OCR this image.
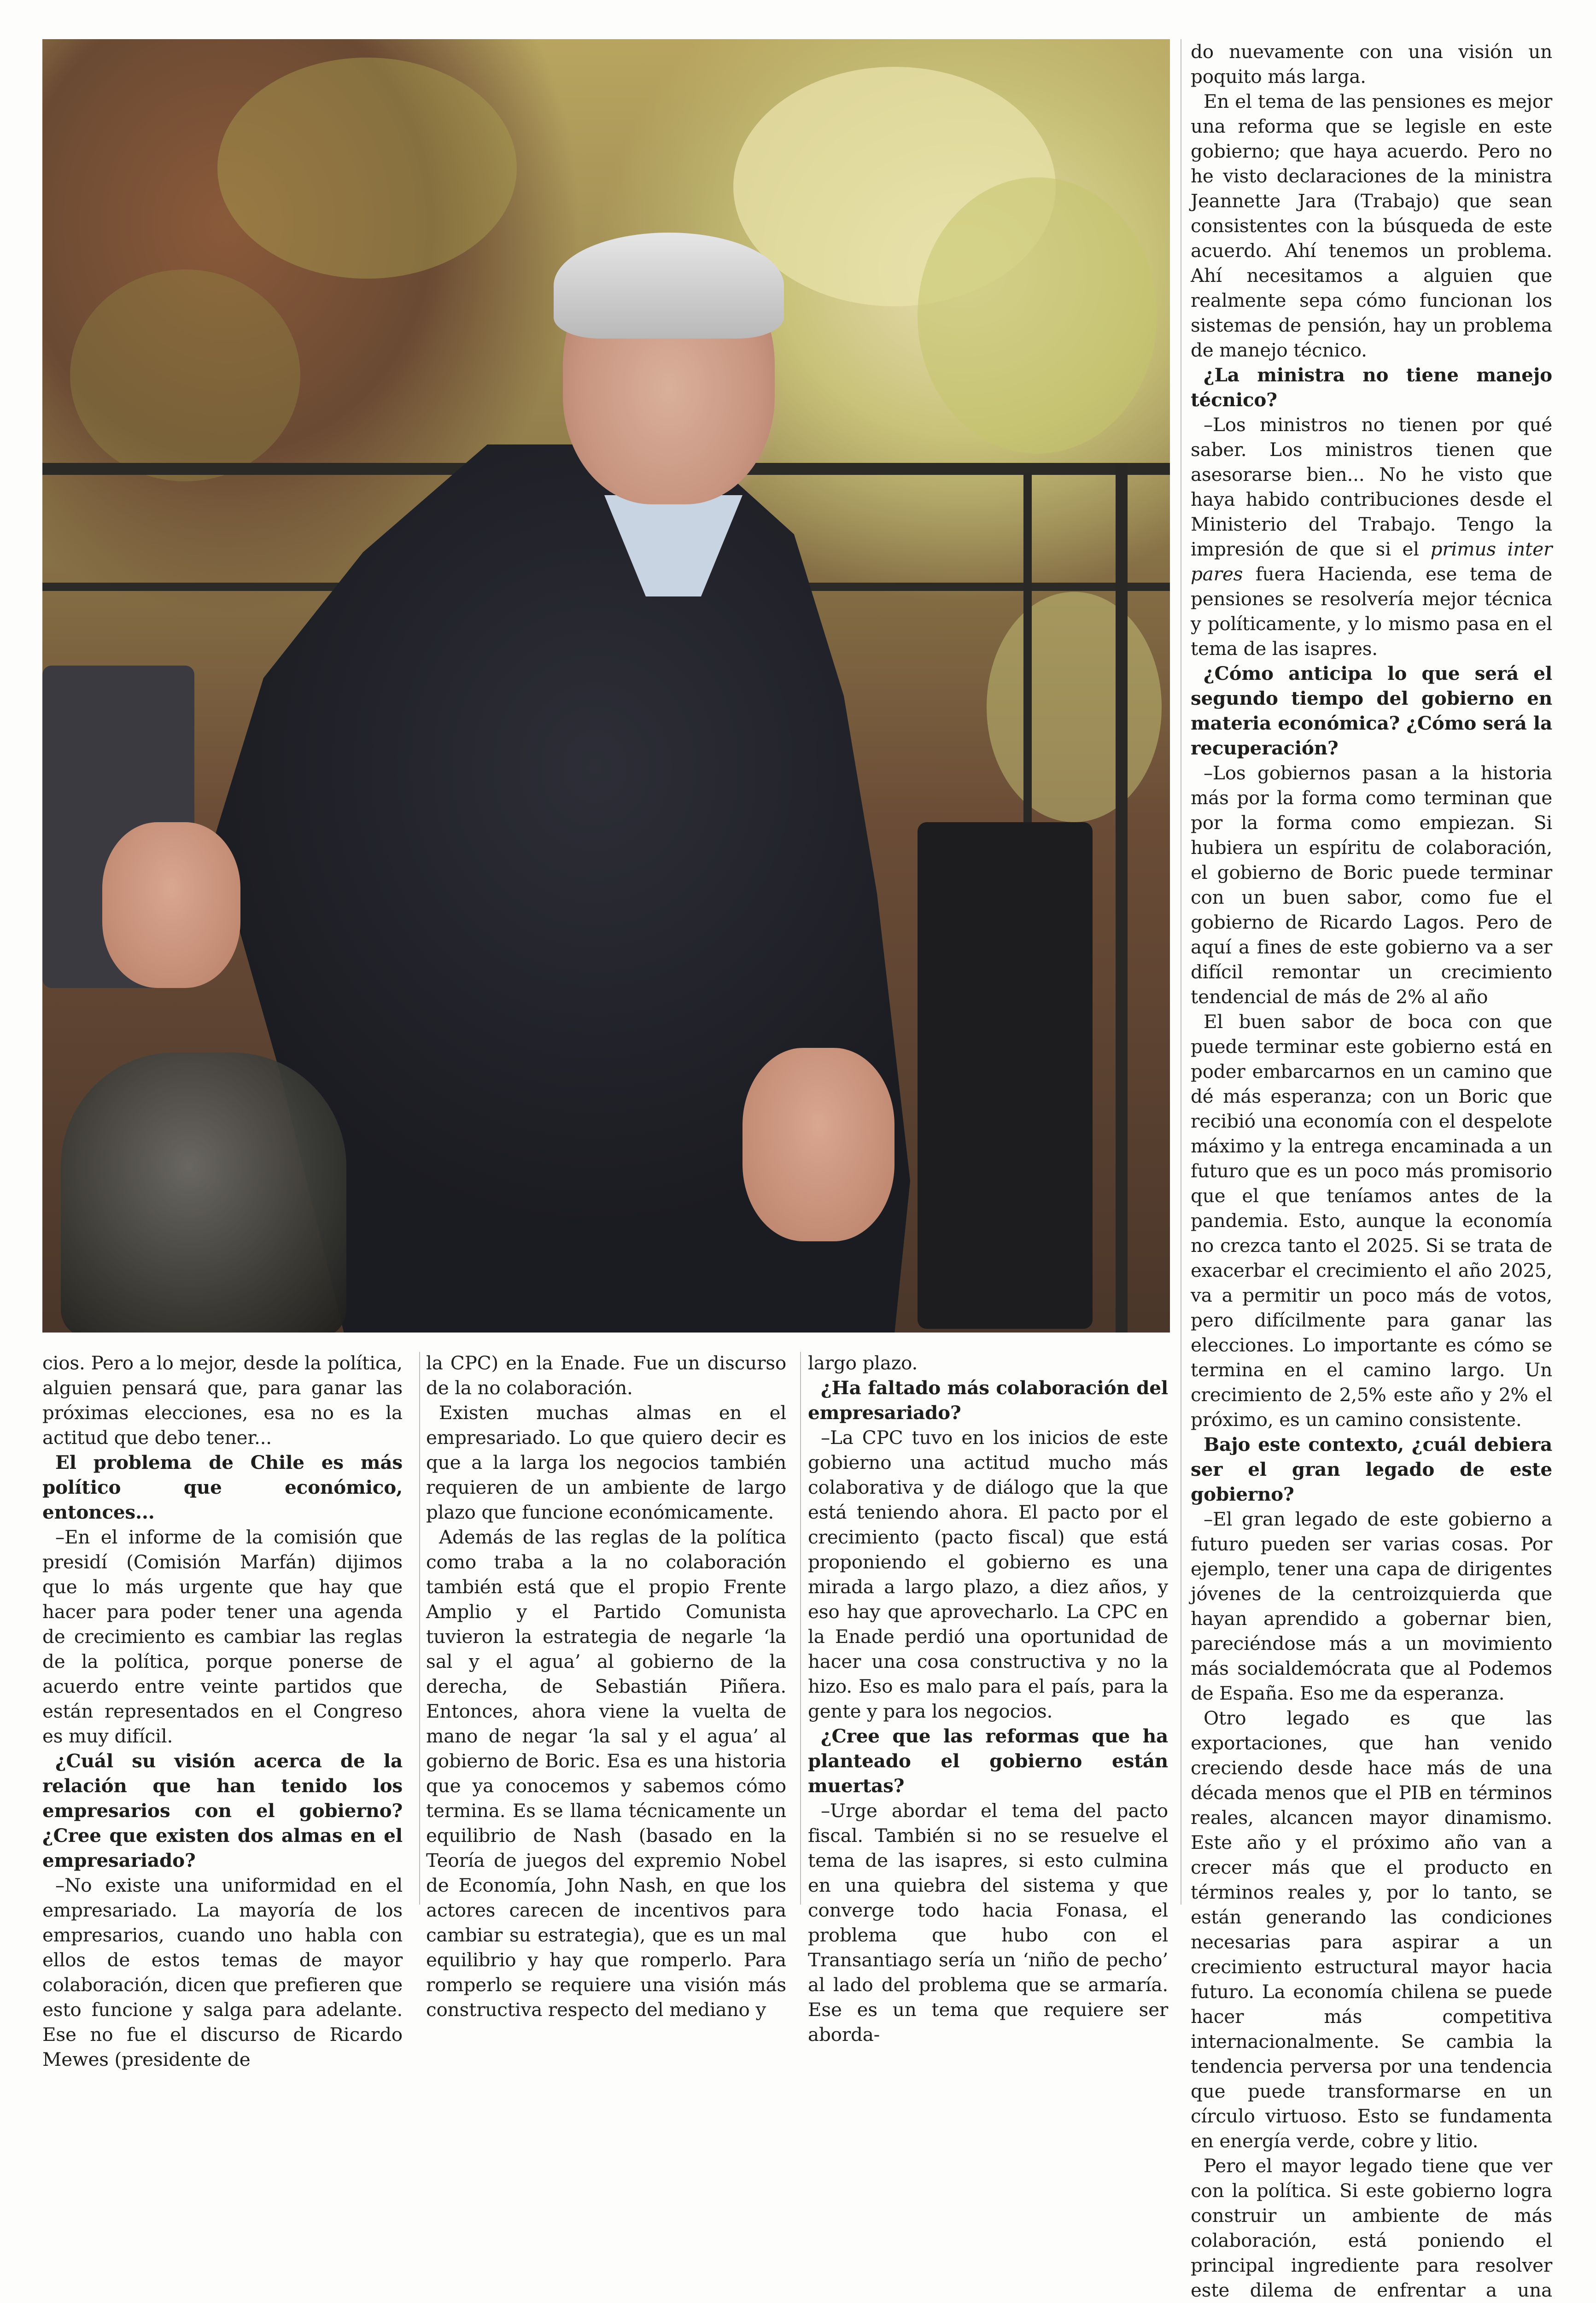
cios. Pero a lo mejor, desde la política, alguien pensará que, para ganar las próximas elecciones, esa no es la actitud que debo tener...

El problema de Chile es más político que económico, entonces...

–En el informe de la comisión que presidí (Comisión Marfán) dijimos que lo más urgente que hay que hacer para poder tener una agenda de crecimiento es cambiar las reglas de la política, porque ponerse de acuerdo entre veinte partidos que están representados en el Congreso es muy difícil.

¿Cuál su visión acerca de la relación que han tenido los empresarios con el gobierno? ¿Cree que existen dos almas en el empresariado?

–No existe una uniformidad en el empresariado. La mayoría de los empresarios, cuando uno habla con ellos de estos temas de mayor colaboración, dicen que prefieren que esto funcione y salga para adelante. Ese no fue el discurso de Ricardo Mewes (presidente de

la CPC) en la Enade. Fue un discurso de la no colaboración.

Existen muchas almas en el empresariado. Lo que quiero decir es que a la larga los negocios también requieren de un ambiente de largo plazo que funcione económicamente.

Además de las reglas de la política como traba a la no colaboración también está que el propio Frente Amplio y el Partido Comunista tuvieron la estrategia de negarle ‘la sal y el agua’ al gobierno de la derecha, de Sebastián Piñera. Entonces, ahora viene la vuelta de mano de negar ‘la sal y el agua’ al gobierno de Boric. Esa es una historia que ya conocemos y sabemos cómo termina. Es se llama técnicamente un equilibrio de Nash (basado en la Teoría de juegos del expremio Nobel de Economía, John Nash, en que los actores carecen de incentivos para cambiar su estrategia), que es un mal equilibrio y hay que romperlo. Para romperlo se requiere una visión más constructiva respecto del mediano y

largo plazo.

¿Ha faltado más colaboración del empresariado?

–La CPC tuvo en los inicios de este gobierno una actitud mucho más colaborativa y de diálogo que la que está teniendo ahora. El pacto por el crecimiento (pacto fiscal) que está proponiendo el gobierno es una mirada a largo plazo, a diez años, y eso hay que aprovecharlo. La CPC en la Enade perdió una oportunidad de hacer una cosa constructiva y no la hizo. Eso es malo para el país, para la gente y para los negocios.

¿Cree que las reformas que ha planteado el gobierno están muertas?

–Urge abordar el tema del pacto fiscal. También si no se resuelve el tema de las isapres, si esto culmina en una quiebra del sistema y que converge todo hacia Fonasa, el problema que hubo con el Transantiago sería un ‘niño de pecho’ al lado del problema que se armaría. Ese es un tema que requiere ser aborda-

do nuevamente con una visión un poquito más larga.

En el tema de las pensiones es mejor una reforma que se legisle en este gobierno; que haya acuerdo. Pero no he visto declaraciones de la ministra Jeannette Jara (Trabajo) que sean consistentes con la búsqueda de este acuerdo. Ahí tenemos un problema. Ahí necesitamos a alguien que realmente sepa cómo funcionan los sistemas de pensión, hay un problema de manejo técnico.

¿La ministra no tiene manejo técnico?

–Los ministros no tienen por qué saber. Los ministros tienen que asesorarse bien... No he visto que haya habido contribuciones desde el Ministerio del Trabajo. Tengo la impresión de que si el primus inter pares fuera Hacienda, ese tema de pensiones se resolvería mejor técnica y políticamente, y lo mismo pasa en el tema de las isapres.

¿Cómo anticipa lo que será el segundo tiempo del gobierno en materia económica? ¿Cómo será la recuperación?

–Los gobiernos pasan a la historia más por la forma como terminan que por la forma como empiezan. Si hubiera un espíritu de colaboración, el gobierno de Boric puede terminar con un buen sabor, como fue el gobierno de Ricardo Lagos. Pero de aquí a fines de este gobierno va a ser difícil remontar un crecimiento tendencial de más de 2% al año

El buen sabor de boca con que puede terminar este gobierno está en poder embarcarnos en un camino que dé más esperanza; con un Boric que recibió una economía con el despelote máximo y la entrega encaminada a un futuro que es un poco más promisorio que el que teníamos antes de la pandemia. Esto, aunque la economía no crezca tanto el 2025. Si se trata de exacerbar el crecimiento el año 2025, va a permitir un poco más de votos, pero difícilmente para ganar las elecciones. Lo importante es cómo se termina en el camino largo. Un crecimiento de 2,5% este año y 2% el próximo, es un camino consistente.

Bajo este contexto, ¿cuál debiera ser el gran legado de este gobierno?

–El gran legado de este gobierno a futuro pueden ser varias cosas. Por ejemplo, tener una capa de dirigentes jóvenes de la centroizquierda que hayan aprendido a gobernar bien, pareciéndose más a un movimiento más socialdemócrata que al Podemos de España. Eso me da esperanza.

Otro legado es que las exportaciones, que han venido creciendo desde hace más de una década menos que el PIB en términos reales, alcancen mayor dinamismo. Este año y el próximo año van a crecer más que el producto en términos reales y, por lo tanto, se están generando las condiciones necesarias para aspirar a un crecimiento estructural mayor hacia futuro. La economía chilena se puede hacer más competitiva internacionalmente. Se cambia la tendencia perversa por una tendencia que puede transformarse en un círculo virtuoso. Esto se fundamenta en energía verde, cobre y litio.

Pero el mayor legado tiene que ver con la política. Si este gobierno logra construir un ambiente de más colaboración, está poniendo el principal ingrediente para resolver este dilema de enfrentar a una
